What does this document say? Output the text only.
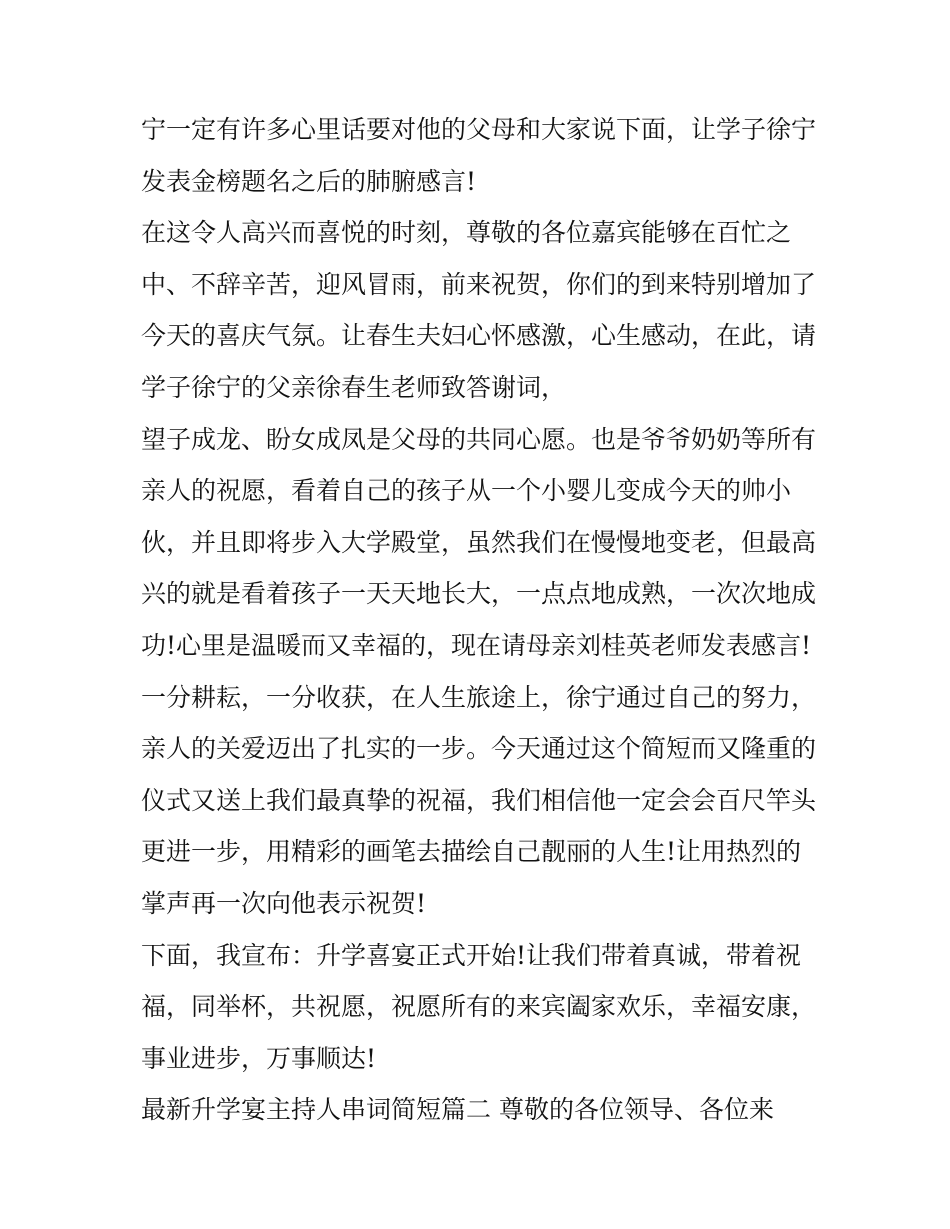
宁一定有许多心里话要对他的父母和大家说下面，让学子徐宁
发表金榜题名之后的肺腑感言!
在这令人高兴而喜悦的时刻，尊敬的各位嘉宾能够在百忙之
中、不辞辛苦，迎风冒雨，前来祝贺，你们的到来特别增加了
今天的喜庆气氛。让春生夫妇心怀感激，心生感动，在此，请
学子徐宁的父亲徐春生老师致答谢词，
望子成龙、盼女成凤是父母的共同心愿。也是爷爷奶奶等所有
亲人的祝愿，看着自己的孩子从一个小婴儿变成今天的帅小
伙，并且即将步入大学殿堂，虽然我们在慢慢地变老，但最高
兴的就是看着孩子一天天地长大，一点点地成熟，一次次地成
功!心里是温暖而又幸福的，现在请母亲刘桂英老师发表感言!
一分耕耘，一分收获，在人生旅途上，徐宁通过自己的努力，
亲人的关爱迈出了扎实的一步。今天通过这个简短而又隆重的
仪式又送上我们最真挚的祝福，我们相信他一定会会百尺竿头
更进一步，用精彩的画笔去描绘自己靓丽的人生!让用热烈的
掌声再一次向他表示祝贺!
下面，我宣布：升学喜宴正式开始!让我们带着真诚，带着祝
福，同举杯，共祝愿，祝愿所有的来宾阖家欢乐，幸福安康，
事业进步，万事顺达!
最新升学宴主持人串词简短篇二 尊敬的各位领导、各位来
